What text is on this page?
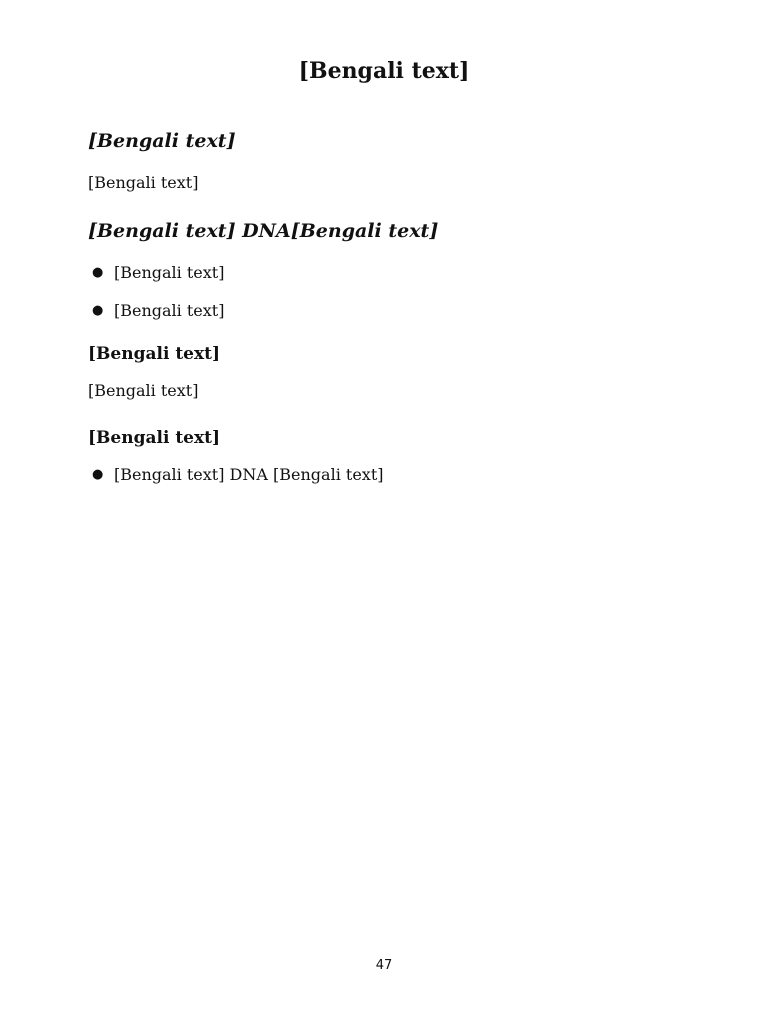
[Bengali text]
[Bengali text]

[Bengali text]

[Bengali text] DNA[Bengali text]
● [Bengali text]
● [Bengali text]
[Bengali text]

[Bengali text]

[Bengali text]
● [Bengali text] DNA [Bengali text]
47
